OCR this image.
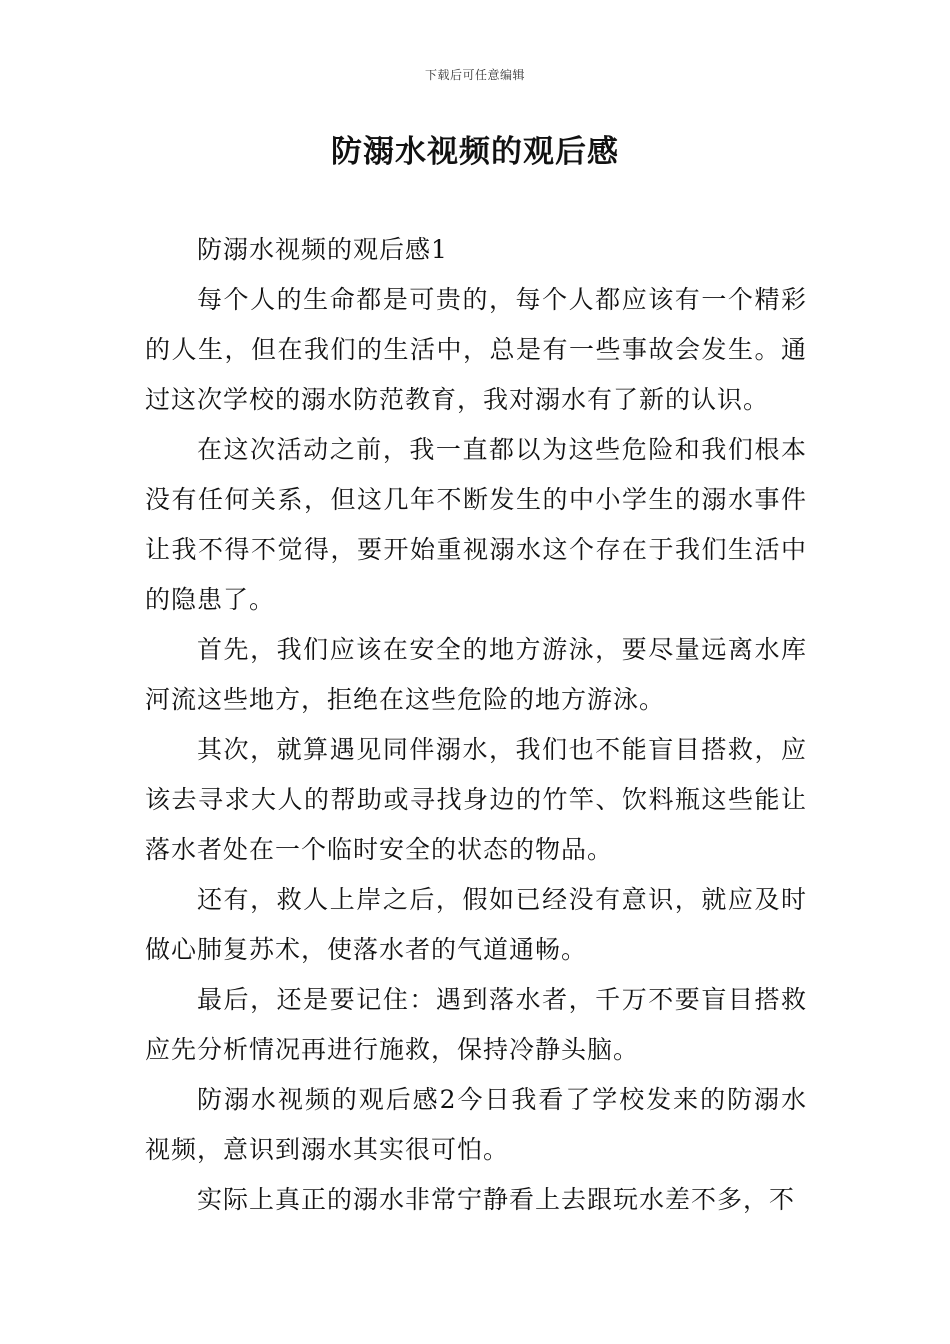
下载后可任意编辑
防溺水视频的观后感

防溺水视频的观后感1

每个人的生命都是可贵的，每个人都应该有一个精彩的人生，但在我们的生活中，总是有一些事故会发生。通过这次学校的溺水防范教育，我对溺水有了新的认识。

在这次活动之前，我一直都以为这些危险和我们根本没有任何关系，但这几年不断发生的中小学生的溺水事件让我不得不觉得，要开始重视溺水这个存在于我们生活中的隐患了。

首先，我们应该在安全的地方游泳，要尽量远离水库河流这些地方，拒绝在这些危险的地方游泳。

其次，就算遇见同伴溺水，我们也不能盲目搭救，应该去寻求大人的帮助或寻找身边的竹竿、饮料瓶这些能让落水者处在一个临时安全的状态的物品。

还有，救人上岸之后，假如已经没有意识，就应及时做心肺复苏术，使落水者的气道通畅。

最后，还是要记住：遇到落水者，千万不要盲目搭救应先分析情况再进行施救，保持冷静头脑。

防溺水视频的观后感2今日我看了学校发来的防溺水视频，意识到溺水其实很可怕。

实际上真正的溺水非常宁静看上去跟玩水差不多，不
